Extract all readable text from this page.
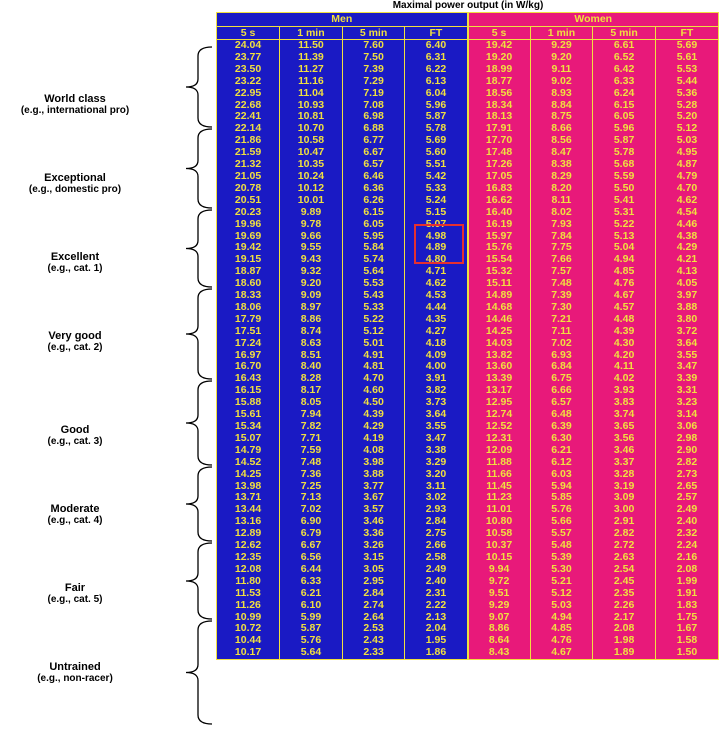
Maximal power output (in W/kg)
Men				Women			
5 s	1 min	5 min	FT	5 s	1 min	5 min	FT
24.04	11.50	7.60	6.40	19.42	9.29	6.61	5.69
23.77	11.39	7.50	6.31	19.20	9.20	6.52	5.61
23.50	11.27	7.39	6.22	18.99	9.11	6.42	5.53
23.22	11.16	7.29	6.13	18.77	9.02	6.33	5.44
22.95	11.04	7.19	6.04	18.56	8.93	6.24	5.36
22.68	10.93	7.08	5.96	18.34	8.84	6.15	5.28
22.41	10.81	6.98	5.87	18.13	8.75	6.05	5.20
22.14	10.70	6.88	5.78	17.91	8.66	5.96	5.12
21.86	10.58	6.77	5.69	17.70	8.56	5.87	5.03
21.59	10.47	6.67	5.60	17.48	8.47	5.78	4.95
21.32	10.35	6.57	5.51	17.26	8.38	5.68	4.87
21.05	10.24	6.46	5.42	17.05	8.29	5.59	4.79
20.78	10.12	6.36	5.33	16.83	8.20	5.50	4.70
20.51	10.01	6.26	5.24	16.62	8.11	5.41	4.62
20.23	9.89	6.15	5.15	16.40	8.02	5.31	4.54
19.96	9.78	6.05	5.07	16.19	7.93	5.22	4.46
19.69	9.66	5.95	4.98	15.97	7.84	5.13	4.38
19.42	9.55	5.84	4.89	15.76	7.75	5.04	4.29
19.15	9.43	5.74	4.80	15.54	7.66	4.94	4.21
18.87	9.32	5.64	4.71	15.32	7.57	4.85	4.13
18.60	9.20	5.53	4.62	15.11	7.48	4.76	4.05
18.33	9.09	5.43	4.53	14.89	7.39	4.67	3.97
18.06	8.97	5.33	4.44	14.68	7.30	4.57	3.88
17.79	8.86	5.22	4.35	14.46	7.21	4.48	3.80
17.51	8.74	5.12	4.27	14.25	7.11	4.39	3.72
17.24	8.63	5.01	4.18	14.03	7.02	4.30	3.64
16.97	8.51	4.91	4.09	13.82	6.93	4.20	3.55
16.70	8.40	4.81	4.00	13.60	6.84	4.11	3.47
16.43	8.28	4.70	3.91	13.39	6.75	4.02	3.39
16.15	8.17	4.60	3.82	13.17	6.66	3.93	3.31
15.88	8.05	4.50	3.73	12.95	6.57	3.83	3.23
15.61	7.94	4.39	3.64	12.74	6.48	3.74	3.14
15.34	7.82	4.29	3.55	12.52	6.39	3.65	3.06
15.07	7.71	4.19	3.47	12.31	6.30	3.56	2.98
14.79	7.59	4.08	3.38	12.09	6.21	3.46	2.90
14.52	7.48	3.98	3.29	11.88	6.12	3.37	2.82
14.25	7.36	3.88	3.20	11.66	6.03	3.28	2.73
13.98	7.25	3.77	3.11	11.45	5.94	3.19	2.65
13.71	7.13	3.67	3.02	11.23	5.85	3.09	2.57
13.44	7.02	3.57	2.93	11.01	5.76	3.00	2.49
13.16	6.90	3.46	2.84	10.80	5.66	2.91	2.40
12.89	6.79	3.36	2.75	10.58	5.57	2.82	2.32
12.62	6.67	3.26	2.66	10.37	5.48	2.72	2.24
12.35	6.56	3.15	2.58	10.15	5.39	2.63	2.16
12.08	6.44	3.05	2.49	9.94	5.30	2.54	2.08
11.80	6.33	2.95	2.40	9.72	5.21	2.45	1.99
11.53	6.21	2.84	2.31	9.51	5.12	2.35	1.91
11.26	6.10	2.74	2.22	9.29	5.03	2.26	1.83
10.99	5.99	2.64	2.13	9.07	4.94	2.17	1.75
10.72	5.87	2.53	2.04	8.86	4.85	2.08	1.67
10.44	5.76	2.43	1.95	8.64	4.76	1.98	1.58
10.17	5.64	2.33	1.86	8.43	4.67	1.89	1.50
World class
(e.g., international pro)
Exceptional
(e.g., domestic pro)
Excellent
(e.g., cat. 1)
Very good
(e.g., cat. 2)
Good
(e.g., cat. 3)
Moderate
(e.g., cat. 4)
Fair
(e.g., cat. 5)
Untrained
(e.g., non-racer)
知乎 @奔跑的风子
